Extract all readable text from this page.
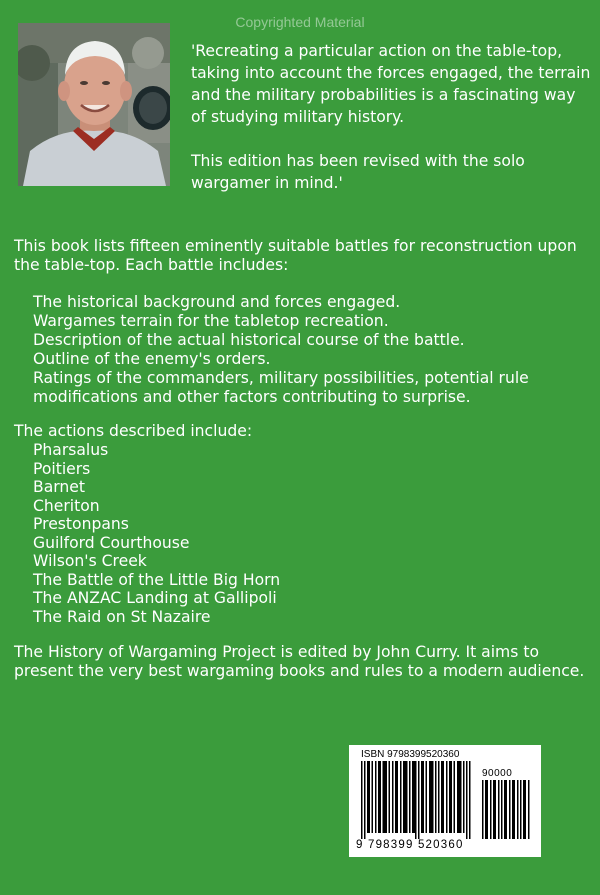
Copyrighted Material

'Recreating a particular action on the table-top, taking into account the forces engaged, the terrain and the military probabilities is a fascinating way of studying military history.

This edition has been revised with the solo wargamer in mind.'

This book lists fifteen eminently suitable battles for reconstruction upon the table-top. Each battle includes:
The historical background and forces engaged.
Wargames terrain for the tabletop recreation.
Description of the actual historical course of the battle.
Outline of the enemy's orders.
Ratings of the commanders, military possibilities, potential rule modifications and other factors contributing to surprise.
The actions described include:
Pharsalus
Poitiers
Barnet
Cheriton
Prestonpans
Guilford Courthouse
Wilson's Creek
The Battle of the Little Big Horn
The ANZAC Landing at Gallipoli
The Raid on St Nazaire
The History of Wargaming Project is edited by John Curry. It aims to present the very best wargaming books and rules to a modern audience.
ISBN 9798399520360
90000
9 798399 520360
